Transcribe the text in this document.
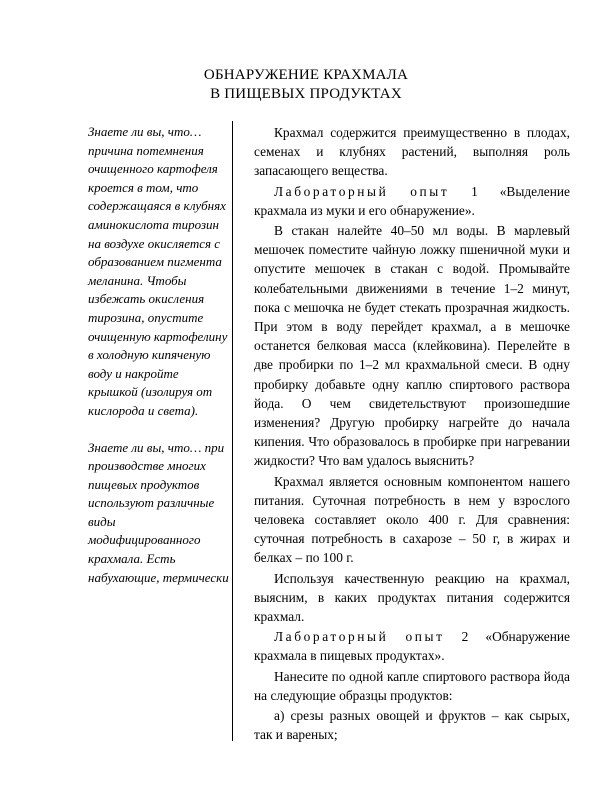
ОБНАРУЖЕНИЕ КРАХМАЛА
В ПИЩЕВЫХ ПРОДУКТАХ

Знаете ли вы, что… причина потемнения очищенного картофеля кроется в том, что содержащаяся в клубнях аминокислота тирозин на воздухе окисляется с образованием пигмента меланина. Чтобы избежать окисления тирозина, опустите очищенную картофелину в холодную кипяченую воду и накройте крышкой (изолируя от кислорода и света).

Знаете ли вы, что… при производстве многих пищевых продуктов используют различные виды модифицированного крахмала. Есть набухающие, термически

Крахмал содержится преимущественно в плодах, семенах и клубнях растений, выполняя роль запасающего вещества.

Лабораторный опыт 1 «Выделение крахмала из муки и его обнаружение».

В стакан налейте 40–50 мл воды. В марлевый мешочек поместите чайную ложку пшеничной муки и опустите мешочек в стакан с водой. Промывайте колебательными движениями в течение 1–2 минут, пока с мешочка не будет стекать прозрачная жидкость. При этом в воду перейдет крахмал, а в мешочке останется белковая масса (клейковина). Перелейте в две пробирки по 1–2 мл крахмальной смеси. В одну пробирку добавьте одну каплю спиртового раствора йода. О чем свидетельствуют произошедшие изменения? Другую пробирку нагрейте до начала кипения. Что образовалось в пробирке при нагревании жидкости? Что вам удалось выяснить?

Крахмал является основным компонентом нашего питания. Суточная потребность в нем у взрослого человека составляет около 400 г. Для сравнения: суточная потребность в сахарозе – 50 г, в жирах и белках – по 100 г.

Используя качественную реакцию на крахмал, выясним, в каких продуктах питания содержится крахмал.

Лабораторный опыт 2 «Обнаружение крахмала в пищевых продуктах».

Нанесите по одной капле спиртового раствора йода на следующие образцы продуктов:

а) срезы разных овощей и фруктов – как сырых, так и вареных;
